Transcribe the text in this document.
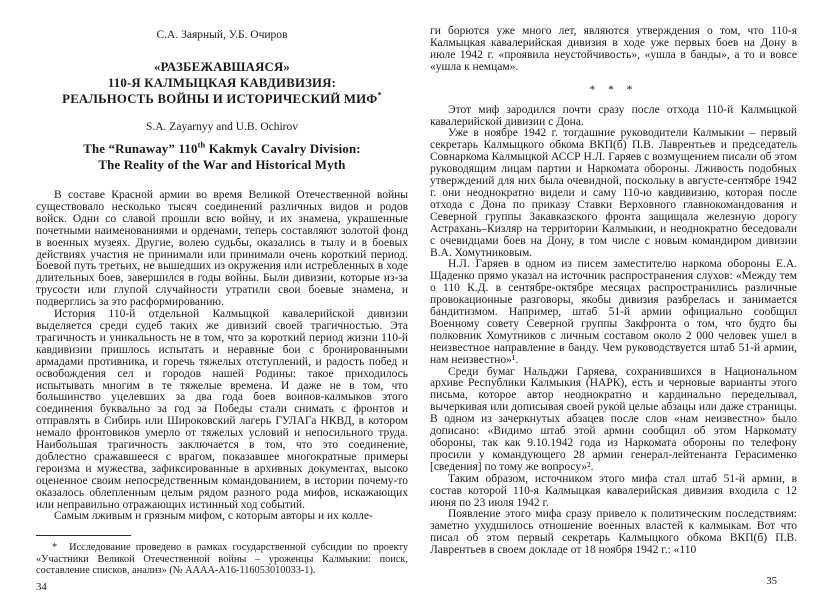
С.А. Заярный, У.Б. Очиров
«РАЗБЕЖАВШАЯСЯ»
110-Я КАЛМЫЦКАЯ КАВДИВИЗИЯ:
РЕАЛЬНОСТЬ ВОЙНЫ И ИСТОРИЧЕСКИЙ МИФ*
S.A. Zayarnyy and U.B. Ochirov
The “Runaway” 110th Kakmyk Cavalry Division:
The Reality of the War and Historical Myth

В составе Красной армии во время Великой Отечественной войны существовало несколько тысяч соединений различных видов и родов войск. Одни со славой прошли всю войну, и их знамена, украшенные почетными наименованиями и орденами, теперь составляют золотой фонд в военных музеях. Другие, волею судьбы, оказались в тылу и в боевых действиях участия не принимали или принимали очень короткий период. Боевой путь третьих, не вышедших из окружения или истребленных в ходе длительных боев, завершился в годы войны. Были дивизии, которые из-за трусости или глупой случайности утратили свои боевые знамена, и подверглись за это расформированию.

История 110-й отдельной Калмыцкой кавалерийской дивизии выделяется среди судеб таких же дивизий своей трагичностью. Эта трагичность и уникальность не в том, что за короткий период жизни 110-й кавдивизии пришлось испытать и неравные бои с бронированными армадами противника, и горечь тяжелых отступлений, и радость побед и освобождения сел и городов нашей Родины: такое приходилось испытывать многим в те тяжелые времена. И даже не в том, что большинство уцелевших за два года боев воинов-калмыков этого соединения буквально за год за Победы стали снимать с фронтов и отправлять в Сибирь или Широковский лагерь ГУЛАГа НКВД, в котором немало фронтовиков умерло от тяжелых условий и непосильного труда. Наибольшая трагичность заключается в том, что это соединение, доблестно сражавшееся с врагом, показавшее многократные примеры героизма и мужества, зафиксированные в архивных документах, высоко оцененное своим непосредственным командованием, в истории почему-то оказалось облепленным целым рядом разного рода мифов, искажающих или неправильно отражающих истинный ход событий.

Самым лживым и грязным мифом, с которым авторы и их колле-

* Исследование проведено в рамках государственной субсидии по проекту «Участники Великой Отечественной войны – уроженцы Калмыкии: поиск, составление списков, анализ» (№ АААА-А16-116053010033-1).

34

ги борются уже много лет, являются утверждения о том, что 110-я Калмыцкая кавалерийская дивизия в ходе уже первых боев на Дону в июле 1942 г. «проявила неустойчивость», «ушла в банды», а то и вовсе «ушла к немцам».

* * *

Этот миф зародился почти сразу после отхода 110-й Калмыцкой кавалерийской дивизии с Дона.

Уже в ноябре 1942 г. тогдашние руководители Калмыкии – первый секретарь Калмыцкого обкома ВКП(б) П.В. Лаврентьев и председатель Совнаркома Калмыцкой АССР Н.Л. Гаряев с возмущением писали об этом руководящим лицам партии и Наркомата обороны. Лживость подобных утверждений для них была очевидной, поскольку в августе-сентябре 1942 г. они неоднократно видели и саму 110-ю кавдивизию, которая после отхода с Дона по приказу Ставки Верховного главнокомандования и Северной группы Закавказского фронта защищала железную дорогу Астрахань–Кизляр на территории Калмыкии, и неоднократно беседовали с очевидцами боев на Дону, в том числе с новым командиром дивизии В.А. Хомутниковым.

Н.Л. Гаряев в одном из писем заместителю наркома обороны Е.А. Щаденко прямо указал на источник распространения слухов: «Между тем о 110 К.Д. в сентябре-октябре месяцах распространились различные провокационные разговоры, якобы дивизия разбрелась и занимается бандитизмом. Например, штаб 51-й армии официально сообщил Военному совету Северной группы Закфронта о том, что будто бы полковник Хомутников с личным составом около 2 000 человек ушел в неизвестное направление в банду. Чем руководствуется штаб 51-й армии, нам неизвестно»¹.

Среди бумаг Нальджи Гаряева, сохранившихся в Национальном архиве Республики Калмыкия (НАРК), есть и черновые варианты этого письма, которое автор неоднократно и кардинально переделывал, вычеркивая или дописывая своей рукой целые абзацы или даже страницы. В одном из зачеркнутых абзацев после слов «нам неизвестно» было дописано: «Видимо штаб этой армии сообщил об этом Наркомату обороны, так как 9.10.1942 года из Наркомата обороны по телефону просили у командующего 28 армии генерал-лейтенанта Герасименко [сведения] по тому же вопросу»².

Таким образом, источником этого мифа стал штаб 51-й армии, в состав которой 110-я Калмыцкая кавалерийская дивизия входила с 12 июня по 23 июля 1942 г.

Появление этого мифа сразу привело к политическим последствиям: заметно ухудшилось отношение военных властей к калмыкам. Вот что писал об этом первый секретарь Калмыцкого обкома ВКП(б) П.В. Лаврентьев в своем докладе от 18 ноября 1942 г.: «110

35
